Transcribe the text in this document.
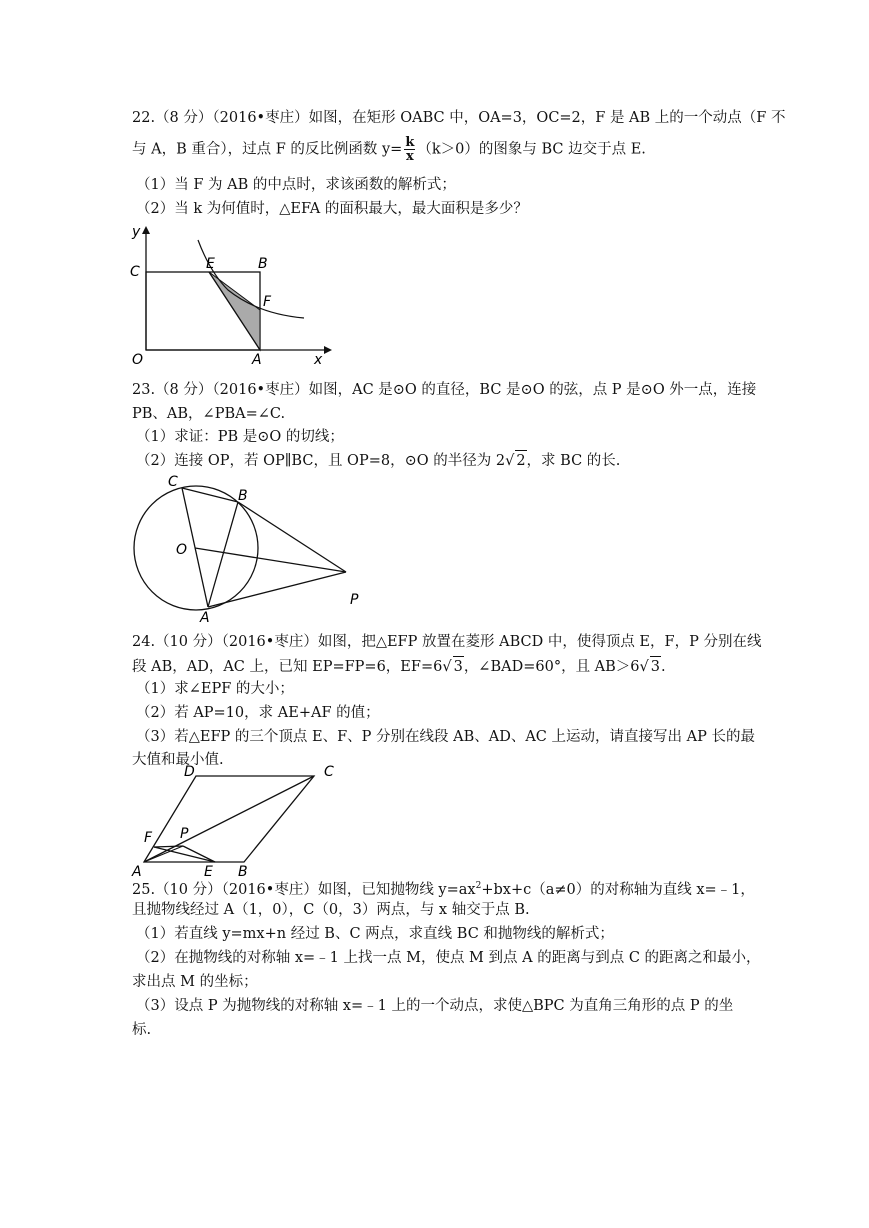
22.（8 分）（2016•枣庄）如图，在矩形 OABC 中，OA=3，OC=2，F 是 AB 上的一个动点（F 不
与 A，B 重合），过点 F 的反比例函数 $y= \frac{k}{x} (k>0)$的图象与 BC 边交于点 E.
（1）当 F 为 AB 的中点时，求该函数的解析式；
（2）当 k 为何值时，△EFA 的面积最大，最大面积是多少？
y
x
C	E	B
F
O	A
23.（8 分）（2016•枣庄）如图，AC 是⊙O 的直径，BC 是⊙O 的弦，点 P 是⊙O 外一点，连接
PB、AB，∠PBA=∠C.
（1）求证：PB 是⊙O 的切线；
（2）连接 OP，若 OP∥BC，且 OP=8，⊙O 的半径为 2√ 2，求 BC 的长.
C
B
O
A
P
24.（10 分）（2016•枣庄）如图，把△EFP 放置在菱形 ABCD 中，使得顶点 E，F，P 分别在线
段 AB，AD，AC 上，已知 EP=FP=6，EF=6√ 3，∠BAD=60°，且 AB＞6√ 3.
（1）求∠EPF 的大小；
（2）若 AP=10，求 AE+AF 的值；
（3）若△EFP 的三个顶点 E、F、P 分别在线段 AB、AD、AC 上运动，请直接写出 AP 长的最
大值和最小值.
D	C
F P
A	E B
25.（10 分）（2016•枣庄）如图，已知抛物线 $y=ax^2+bx+c(a\ne 0)$的对称轴为直线 x=﹣1，
且抛物线经过 A（1，0），C（0，3）两点，与 x 轴交于点 B.
（1）若直线 y=mx+n 经过 B、C 两点，求直线 BC 和抛物线的解析式；
（2）在抛物线的对称轴 x=﹣1 上找一点 M，使点 M 到点 A 的距离与到点 C 的距离之和最小，
求出点 M 的坐标；
（3）设点 P 为抛物线的对称轴 x=﹣1 上的一个动点，求使△BPC 为直角三角形的点 P 的坐
标.
